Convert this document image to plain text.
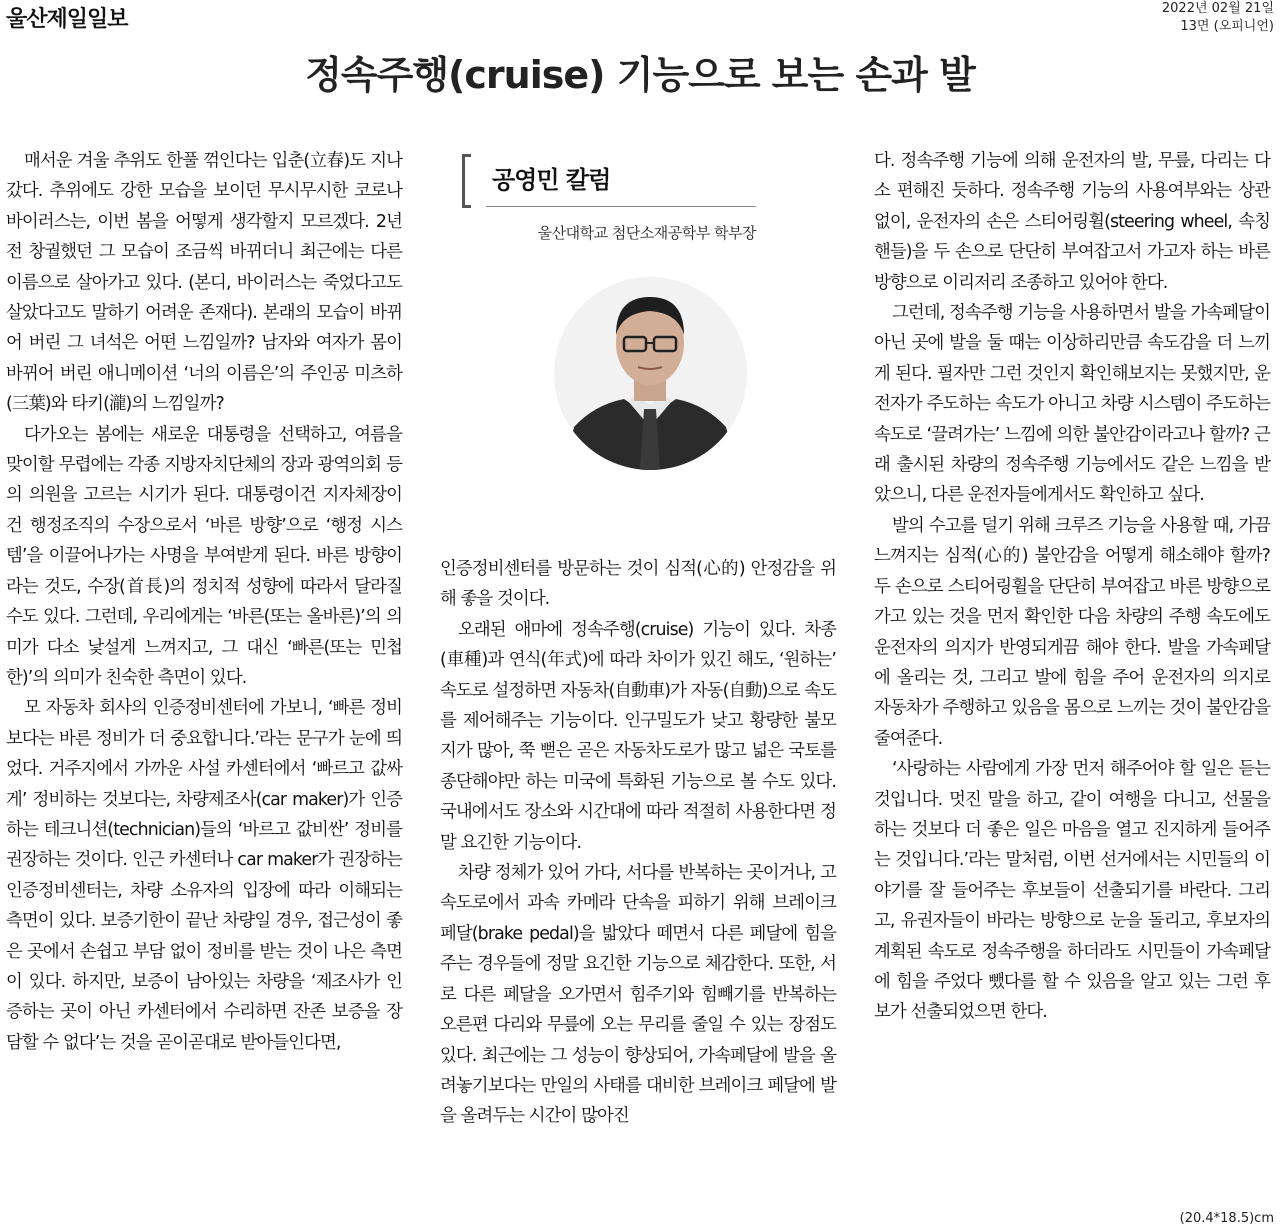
울산제일일보	2022년 02월 21일
13면 (오피니언)
정속주행(cruise) 기능으로 보는 손과 발

매서운 겨울 추위도 한풀 꺾인다는 입춘(立春)도 지나갔다. 추위에도 강한 모습을 보이던 무시무시한 코로나바이러스는, 이번 봄을 어떻게 생각할지 모르겠다. 2년 전 창궐했던 그 모습이 조금씩 바뀌더니 최근에는 다른 이름으로 살아가고 있다. (본디, 바이러스는 죽었다고도 살았다고도 말하기 어려운 존재다). 본래의 모습이 바뀌어 버린 그 녀석은 어떤 느낌일까? 남자와 여자가 몸이 바뀌어 버린 애니메이션 ‘너의 이름은’의 주인공 미츠하(三葉)와 타키(瀧)의 느낌일까?

다가오는 봄에는 새로운 대통령을 선택하고, 여름을 맞이할 무렵에는 각종 지방자치단체의 장과 광역의회 등의 의원을 고르는 시기가 된다. 대통령이건 지자체장이건 행정조직의 수장으로서 ‘바른 방향’으로 ‘행정 시스템’을 이끌어나가는 사명을 부여받게 된다. 바른 방향이라는 것도, 수장(首長)의 정치적 성향에 따라서 달라질 수도 있다. 그런데, 우리에게는 ‘바른(또는 올바른)’의 의미가 다소 낯설게 느껴지고, 그 대신 ‘빠른(또는 민첩한)’의 의미가 친숙한 측면이 있다.

모 자동차 회사의 인증정비센터에 가보니, ‘빠른 정비보다는 바른 정비가 더 중요합니다.’라는 문구가 눈에 띄었다. 거주지에서 가까운 사설 카센터에서 ‘빠르고 값싸게’ 정비하는 것보다는, 차량제조사(car maker)가 인증하는 테크니션(technician)들의 ‘바르고 값비싼’ 정비를 권장하는 것이다. 인근 카센터나 car maker가 권장하는 인증정비센터는, 차량 소유자의 입장에 따라 이해되는 측면이 있다. 보증기한이 끝난 차량일 경우, 접근성이 좋은 곳에서 손쉽고 부담 없이 정비를 받는 것이 나은 측면이 있다. 하지만, 보증이 남아있는 차량을 ‘제조사가 인증하는 곳이 아닌 카센터에서 수리하면 잔존 보증을 장담할 수 없다’는 것을 곧이곧대로 받아들인다면,

공영민 칼럼
울산대학교 첨단소재공학부 학부장

인증정비센터를 방문하는 것이 심적(心的) 안정감을 위해 좋을 것이다.

오래된 애마에 정속주행(cruise) 기능이 있다. 차종(車種)과 연식(年式)에 따라 차이가 있긴 해도, ‘원하는’ 속도로 설정하면 자동차(自動車)가 자동(自動)으로 속도를 제어해주는 기능이다. 인구밀도가 낮고 황량한 불모지가 많아, 쭉 뻗은 곧은 자동차도로가 많고 넓은 국토를 종단해야만 하는 미국에 특화된 기능으로 볼 수도 있다. 국내에서도 장소와 시간대에 따라 적절히 사용한다면 정말 요긴한 기능이다.

차량 정체가 있어 가다, 서다를 반복하는 곳이거나, 고속도로에서 과속 카메라 단속을 피하기 위해 브레이크 페달(brake pedal)을 밟았다 떼면서 다른 페달에 힘을 주는 경우들에 정말 요긴한 기능으로 체감한다. 또한, 서로 다른 페달을 오가면서 힘주기와 힘빼기를 반복하는 오른편 다리와 무릎에 오는 무리를 줄일 수 있는 장점도 있다. 최근에는 그 성능이 향상되어, 가속페달에 발을 올려놓기보다는 만일의 사태를 대비한 브레이크 페달에 발을 올려두는 시간이 많아진

다. 정속주행 기능에 의해 운전자의 발, 무릎, 다리는 다소 편해진 듯하다. 정속주행 기능의 사용여부와는 상관없이, 운전자의 손은 스티어링휠(steering wheel, 속칭 핸들)을 두 손으로 단단히 부여잡고서 가고자 하는 바른 방향으로 이리저리 조종하고 있어야 한다.

그런데, 정속주행 기능을 사용하면서 발을 가속페달이 아닌 곳에 발을 둘 때는 이상하리만큼 속도감을 더 느끼게 된다. 필자만 그런 것인지 확인해보지는 못했지만, 운전자가 주도하는 속도가 아니고 차량 시스템이 주도하는 속도로 ‘끌려가는’ 느낌에 의한 불안감이라고나 할까? 근래 출시된 차량의 정속주행 기능에서도 같은 느낌을 받았으니, 다른 운전자들에게서도 확인하고 싶다.

발의 수고를 덜기 위해 크루즈 기능을 사용할 때, 가끔 느껴지는 심적(心的) 불안감을 어떻게 해소해야 할까? 두 손으로 스티어링휠을 단단히 부여잡고 바른 방향으로 가고 있는 것을 먼저 확인한 다음 차량의 주행 속도에도 운전자의 의지가 반영되게끔 해야 한다. 발을 가속페달에 올리는 것, 그리고 발에 힘을 주어 운전자의 의지로 자동차가 주행하고 있음을 몸으로 느끼는 것이 불안감을 줄여준다.

‘사랑하는 사람에게 가장 먼저 해주어야 할 일은 듣는 것입니다. 멋진 말을 하고, 같이 여행을 다니고, 선물을 하는 것보다 더 좋은 일은 마음을 열고 진지하게 들어주는 것입니다.’라는 말처럼, 이번 선거에서는 시민들의 이야기를 잘 들어주는 후보들이 선출되기를 바란다. 그리고, 유권자들이 바라는 방향으로 눈을 돌리고, 후보자의 계획된 속도로 정속주행을 하더라도 시민들이 가속페달에 힘을 주었다 뺐다를 할 수 있음을 알고 있는 그런 후보가 선출되었으면 한다.

(20.4*18.5)cm
